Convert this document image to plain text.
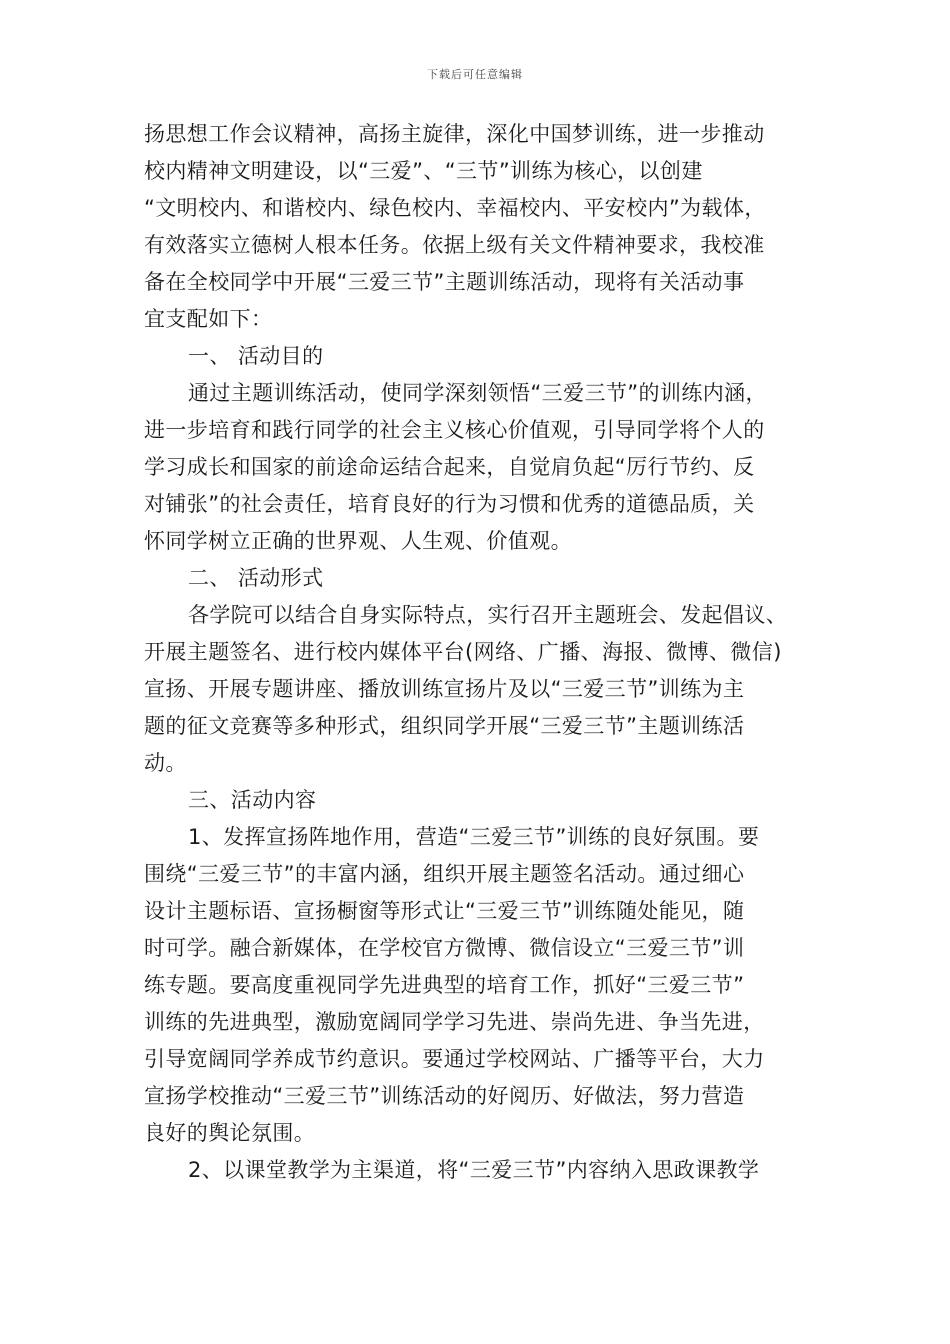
下载后可任意编辑
扬思想工作会议精神，高扬主旋律，深化中国梦训练，进一步推动
校内精神文明建设，以“三爱”、“三节”训练为核心，以创建
“文明校内、和谐校内、绿色校内、幸福校内、平安校内”为载体，
有效落实立德树人根本任务。依据上级有关文件精神要求，我校准
备在全校同学中开展“三爱三节”主题训练活动，现将有关活动事
宜支配如下：
一、 活动目的
通过主题训练活动，使同学深刻领悟“三爱三节”的训练内涵，
进一步培育和践行同学的社会主义核心价值观，引导同学将个人的
学习成长和国家的前途命运结合起来，自觉肩负起“厉行节约、反
对铺张”的社会责任，培育良好的行为习惯和优秀的道德品质，关
怀同学树立正确的世界观、人生观、价值观。
二、 活动形式
各学院可以结合自身实际特点，实行召开主题班会、发起倡议、
开展主题签名、进行校内媒体平台(网络、广播、海报、微博、微信)
宣扬、开展专题讲座、播放训练宣扬片及以“三爱三节”训练为主
题的征文竞赛等多种形式，组织同学开展“三爱三节”主题训练活
动。
三、活动内容
1、发挥宣扬阵地作用，营造“三爱三节”训练的良好氛围。要
围绕“三爱三节”的丰富内涵，组织开展主题签名活动。通过细心
设计主题标语、宣扬橱窗等形式让“三爱三节”训练随处能见，随
时可学。融合新媒体，在学校官方微博、微信设立“三爱三节”训
练专题。要高度重视同学先进典型的培育工作，抓好“三爱三节”
训练的先进典型，激励宽阔同学学习先进、崇尚先进、争当先进，
引导宽阔同学养成节约意识。要通过学校网站、广播等平台，大力
宣扬学校推动“三爱三节”训练活动的好阅历、好做法，努力营造
良好的舆论氛围。
2、以课堂教学为主渠道，将“三爱三节”内容纳入思政课教学
